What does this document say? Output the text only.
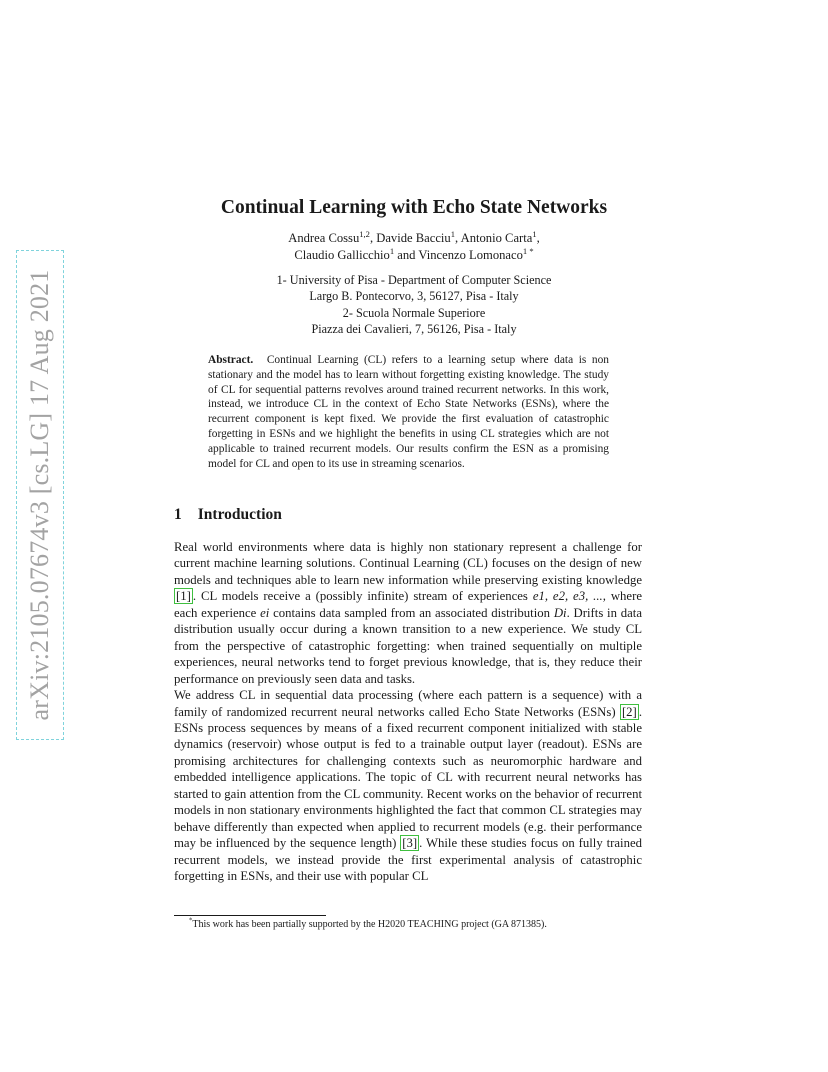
arXiv:2105.07674v3 [cs.LG] 17 Aug 2021
Continual Learning with Echo State Networks
Andrea Cossu$^{1,2}$, Davide Bacciu$^1$, Antonio Carta$^1$,
Claudio Gallicchio$^1$ and Vincenzo Lomonaco$^{1 *}$
1- University of Pisa - Department of Computer Science
Largo B. Pontecorvo, 3, 56127, Pisa - Italy
2- Scuola Normale Superiore
Piazza dei Cavalieri, 7, 56126, Pisa - Italy
Abstract. Continual Learning (CL) refers to a learning setup where data is non stationary and the model has to learn without forgetting existing knowledge. The study of CL for sequential patterns revolves around trained recurrent networks. In this work, instead, we introduce CL in the context of Echo State Networks (ESNs), where the recurrent component is kept fixed. We provide the first evaluation of catastrophic forgetting in ESNs and we highlight the benefits in using CL strategies which are not applicable to trained recurrent models. Our results confirm the ESN as a promising model for CL and open to its use in streaming scenarios.
1 Introduction

Real world environments where data is highly non stationary represent a challenge for current machine learning solutions. Continual Learning (CL) focuses on the design of new models and techniques able to learn new information while preserving existing knowledge [1] . CL models receive a (possibly infinite) stream of experiences e1, e2, e3, ..., where each experience ei contains data sampled from an associated distribution Di. Drifts in data distribution usually occur during a known transition to a new experience. We study CL from the perspective of catastrophic forgetting: when trained sequentially on multiple experiences, neural networks tend to forget previous knowledge, that is, they reduce their performance on previously seen data and tasks.

We address CL in sequential data processing (where each pattern is a sequence) with a family of randomized recurrent neural networks called Echo State Networks (ESNs) [2] . ESNs process sequences by means of a fixed recurrent component initialized with stable dynamics (reservoir) whose output is fed to a trainable output layer (readout). ESNs are promising architectures for challenging contexts such as neuromorphic hardware and embedded intelligence applications. The topic of CL with recurrent neural networks has started to gain attention from the CL community. Recent works on the behavior of recurrent models in non stationary environments highlighted the fact that common CL strategies may behave differently than expected when applied to recurrent models (e.g. their performance may be influenced by the sequence length) [3] . While these studies focus on fully trained recurrent models, we instead provide the first experimental analysis of catastrophic forgetting in ESNs, and their use with popular CL

*This work has been partially supported by the H2020 TEACHING project (GA 871385).
